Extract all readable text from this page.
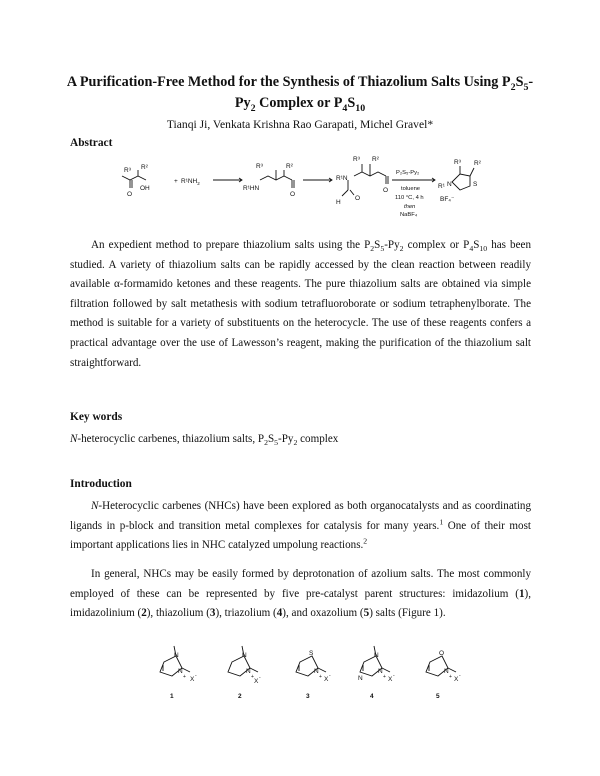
A Purification-Free Method for the Synthesis of Thiazolium Salts Using $P_2S_5-$
$Py_2$ Complex or $P_4S_{10}$
Tianqi Ji, Venkata Krishna Rao Garapati, Michel Gravel*
Abstract
R³ R²
O
OH
+ $R^1NH_2$
R³	R²
R¹HN
O
R³ R²
R¹N
O
H
O
P₂S₅-Py₂
toluene
110 °C, 4 h
then
NaBF₄
R³ R²
S
R¹ N
BF₄⁻
An expedient method to prepare thiazolium salts using the $P_2S_5-Py_2$ complex or $P_4S_{10}$ has been studied. A variety of thiazolium salts can be rapidly accessed by the clean reaction between readily available α-formamido ketones and these reagents. The pure thiazolium salts are obtained via simple filtration followed by salt metathesis with sodium tetrafluoroborate or sodium tetraphenylborate. The method is suitable for a variety of substituents on the heterocycle. The use of these reagents confers a practical advantage over the use of Lawesson’s reagent, making the purification of the thiazolium salt straightforward.
Key words
N-heterocyclic carbenes, thiazolium salts, $P_2S_5-Py_2$ complex
Introduction
N-Heterocyclic carbenes (NHCs) have been explored as both organocatalysts and as coordinating ligands in p-block and transition metal complexes for catalysis for many years.$^1$ One of their most important applications lies in NHC catalyzed umpolung reactions.$^2$
In general, NHCs may be easily formed by deprotonation of azolium salts. The most commonly employed of these can be represented by five pre-catalyst parent structures: imidazolium (1), imidazolinium (2), thiazolium (3), triazolium (4), and oxazolium (5) salts (Figure 1).
N
N
+ X -
N
N
+
X -
S
N
+ X -
N
N
N
+ X -
O
N
+ X -
1	2	3	4	5
